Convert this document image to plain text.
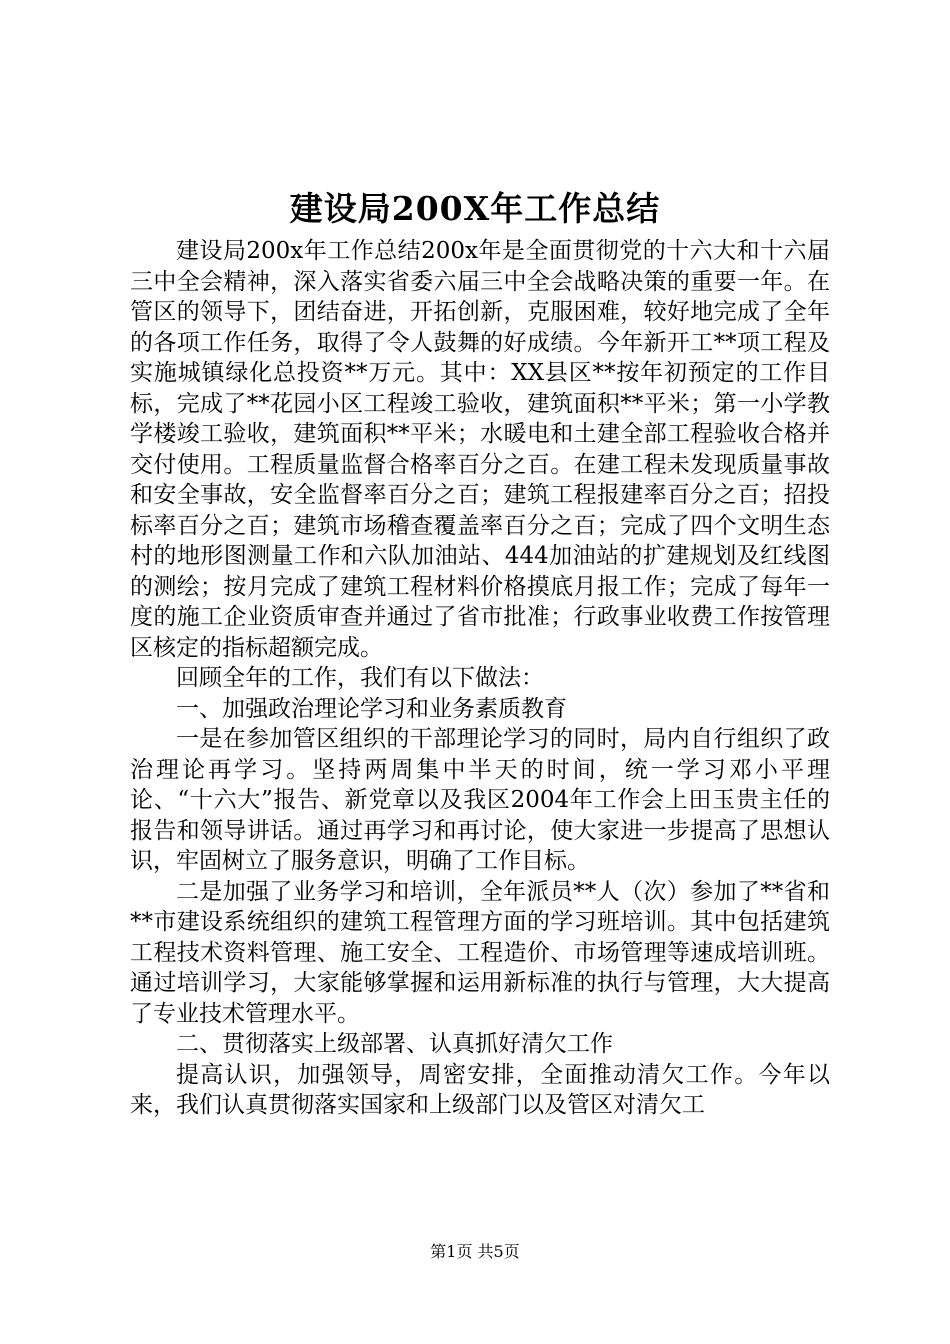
建设局200X年工作总结

建设局200x年工作总结200x年是全面贯彻党的十六大和十六届三中全会精神，深入落实省委六届三中全会战略决策的重要一年。在管区的领导下，团结奋进，开拓创新，克服困难，较好地完成了全年的各项工作任务，取得了令人鼓舞的好成绩。今年新开工**项工程及实施城镇绿化总投资**万元。其中：XX县区**按年初预定的工作目标，完成了**花园小区工程竣工验收，建筑面积**平米；第一小学教学楼竣工验收，建筑面积**平米；水暖电和土建全部工程验收合格并交付使用。工程质量监督合格率百分之百。在建工程未发现质量事故和安全事故，安全监督率百分之百；建筑工程报建率百分之百；招投标率百分之百；建筑市场稽查覆盖率百分之百；完成了四个文明生态村的地形图测量工作和六队加油站、444加油站的扩建规划及红线图的测绘；按月完成了建筑工程材料价格摸底月报工作；完成了每年一度的施工企业资质审查并通过了省市批准；行政事业收费工作按管理区核定的指标超额完成。

回顾全年的工作，我们有以下做法：

一、加强政治理论学习和业务素质教育

一是在参加管区组织的干部理论学习的同时，局内自行组织了政治理论再学习。坚持两周集中半天的时间，统一学习邓小平理论、“十六大”报告、新党章以及我区2004年工作会上田玉贵主任的报告和领导讲话。通过再学习和再讨论，使大家进一步提高了思想认识，牢固树立了服务意识，明确了工作目标。

二是加强了业务学习和培训，全年派员**人（次）参加了**省和**市建设系统组织的建筑工程管理方面的学习班培训。其中包括建筑工程技术资料管理、施工安全、工程造价、市场管理等速成培训班。通过培训学习，大家能够掌握和运用新标准的执行与管理，大大提高了专业技术管理水平。

二、贯彻落实上级部署、认真抓好清欠工作

提高认识，加强领导，周密安排，全面推动清欠工作。今年以来，我们认真贯彻落实国家和上级部门以及管区对清欠工

第1页 共5页
